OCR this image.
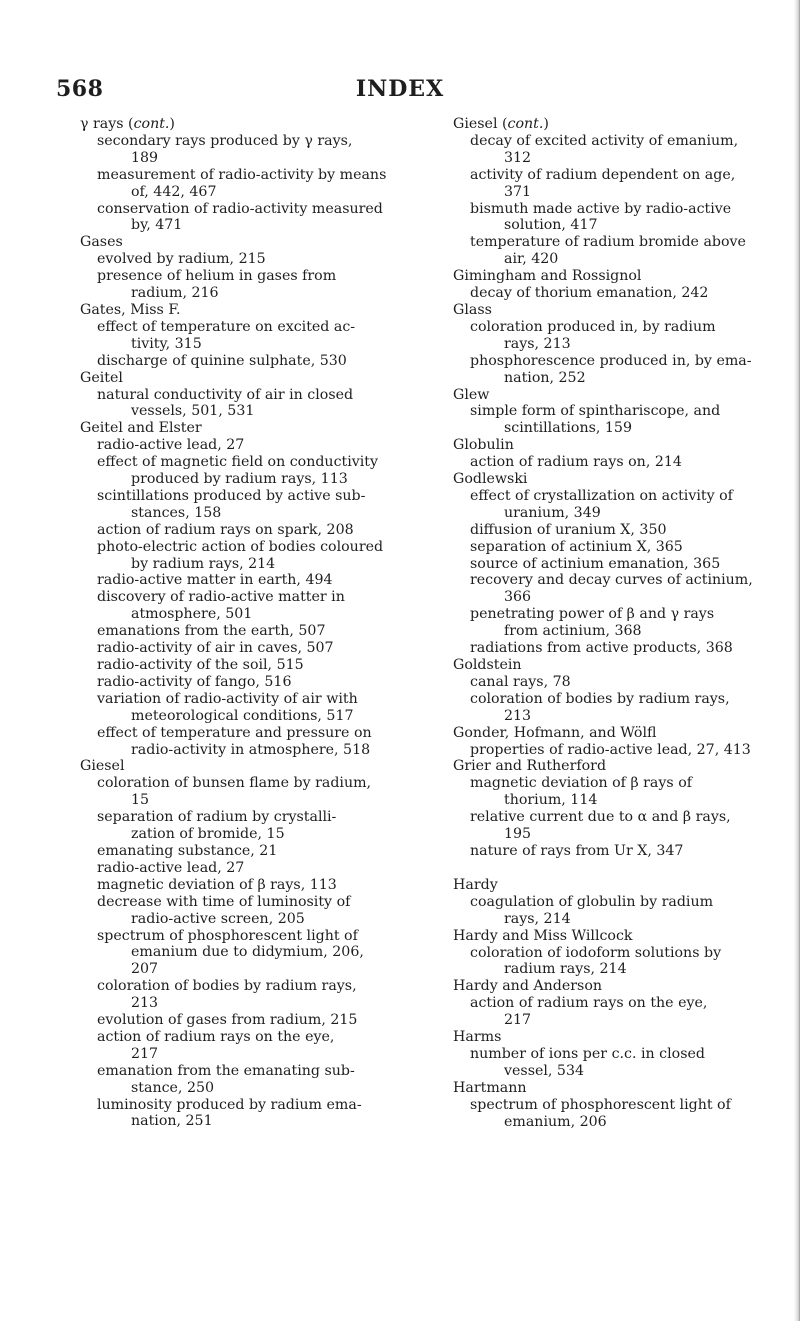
568	INDEX
γ rays (cont.)
secondary rays produced by γ rays,
189
measurement of radio-activity by means
of, 442, 467
conservation of radio-activity measured
by, 471
Gases
evolved by radium, 215
presence of helium in gases from
radium, 216
Gates, Miss F.
effect of temperature on excited ac-
tivity, 315
discharge of quinine sulphate, 530
Geitel
natural conductivity of air in closed
vessels, 501, 531
Geitel and Elster
radio-active lead, 27
effect of magnetic field on conductivity
produced by radium rays, 113
scintillations produced by active sub-
stances, 158
action of radium rays on spark, 208
photo-electric action of bodies coloured
by radium rays, 214
radio-active matter in earth, 494
discovery of radio-active matter in
atmosphere, 501
emanations from the earth, 507
radio-activity of air in caves, 507
radio-activity of the soil, 515
radio-activity of fango, 516
variation of radio-activity of air with
meteorological conditions, 517
effect of temperature and pressure on
radio-activity in atmosphere, 518
Giesel
coloration of bunsen flame by radium,
15
separation of radium by crystalli-
zation of bromide, 15
emanating substance, 21
radio-active lead, 27
magnetic deviation of β rays, 113
decrease with time of luminosity of
radio-active screen, 205
spectrum of phosphorescent light of
emanium due to didymium, 206,
207
coloration of bodies by radium rays,
213
evolution of gases from radium, 215
action of radium rays on the eye,
217
emanation from the emanating sub-
stance, 250
luminosity produced by radium ema-
nation, 251
Giesel (cont.)
decay of excited activity of emanium,
312
activity of radium dependent on age,
371
bismuth made active by radio-active
solution, 417
temperature of radium bromide above
air, 420
Gimingham and Rossignol
decay of thorium emanation, 242
Glass
coloration produced in, by radium
rays, 213
phosphorescence produced in, by ema-
nation, 252
Glew
simple form of spinthariscope, and
scintillations, 159
Globulin
action of radium rays on, 214
Godlewski
effect of crystallization on activity of
uranium, 349
diffusion of uranium X, 350
separation of actinium X, 365
source of actinium emanation, 365
recovery and decay curves of actinium,
366
penetrating power of β and γ rays
from actinium, 368
radiations from active products, 368
Goldstein
canal rays, 78
coloration of bodies by radium rays,
213
Gonder, Hofmann, and Wölfl
properties of radio-active lead, 27, 413
Grier and Rutherford
magnetic deviation of β rays of
thorium, 114
relative current due to α and β rays,
195
nature of rays from Ur X, 347
Hardy
coagulation of globulin by radium
rays, 214
Hardy and Miss Willcock
coloration of iodoform solutions by
radium rays, 214
Hardy and Anderson
action of radium rays on the eye,
217
Harms
number of ions per c.c. in closed
vessel, 534
Hartmann
spectrum of phosphorescent light of
emanium, 206
